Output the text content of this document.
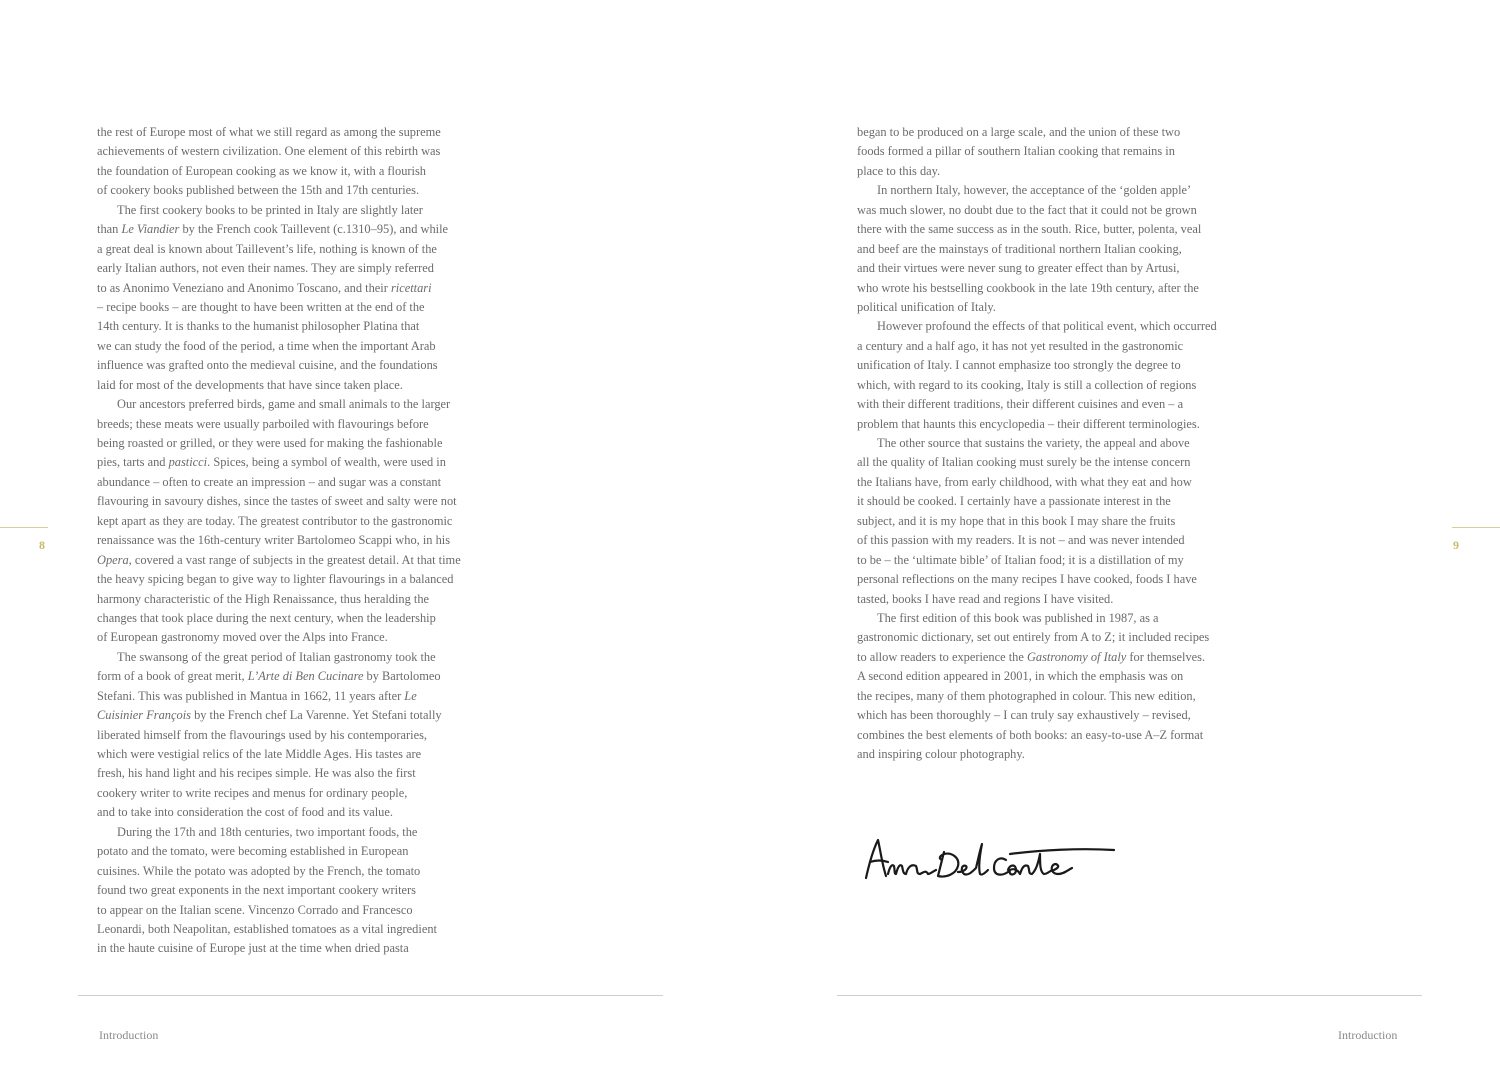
the rest of Europe most of what we still regard as among the supreme
achievements of western civilization. One element of this rebirth was
the foundation of European cooking as we know it, with a flourish
of cookery books published between the 15th and 17th centuries.
The first cookery books to be printed in Italy are slightly later
than Le Viandier by the French cook Taillevent (c.1310–95), and while
a great deal is known about Taillevent’s life, nothing is known of the
early Italian authors, not even their names. They are simply referred
to as Anonimo Veneziano and Anonimo Toscano, and their ricettari
– recipe books – are thought to have been written at the end of the
14th century. It is thanks to the humanist philosopher Platina that
we can study the food of the period, a time when the important Arab
influence was grafted onto the medieval cuisine, and the foundations
laid for most of the developments that have since taken place.
Our ancestors preferred birds, game and small animals to the larger
breeds; these meats were usually parboiled with flavourings before
being roasted or grilled, or they were used for making the fashionable
pies, tarts and pasticci. Spices, being a symbol of wealth, were used in
abundance – often to create an impression – and sugar was a constant
flavouring in savoury dishes, since the tastes of sweet and salty were not
kept apart as they are today. The greatest contributor to the gastronomic
renaissance was the 16th-century writer Bartolomeo Scappi who, in his
Opera, covered a vast range of subjects in the greatest detail. At that time
the heavy spicing began to give way to lighter flavourings in a balanced
harmony characteristic of the High Renaissance, thus heralding the
changes that took place during the next century, when the leadership
of European gastronomy moved over the Alps into France.
The swansong of the great period of Italian gastronomy took the
form of a book of great merit, L’Arte di Ben Cucinare by Bartolomeo
Stefani. This was published in Mantua in 1662, 11 years after Le
Cuisinier François by the French chef La Varenne. Yet Stefani totally
liberated himself from the flavourings used by his contemporaries,
which were vestigial relics of the late Middle Ages. His tastes are
fresh, his hand light and his recipes simple. He was also the first
cookery writer to write recipes and menus for ordinary people,
and to take into consideration the cost of food and its value.
During the 17th and 18th centuries, two important foods, the
potato and the tomato, were becoming established in European
cuisines. While the potato was adopted by the French, the tomato
found two great exponents in the next important cookery writers
to appear on the Italian scene. Vincenzo Corrado and Francesco
Leonardi, both Neapolitan, established tomatoes as a vital ingredient
in the haute cuisine of Europe just at the time when dried pasta
8
Introduction
began to be produced on a large scale, and the union of these two
foods formed a pillar of southern Italian cooking that remains in
place to this day.
In northern Italy, however, the acceptance of the ‘golden apple’
was much slower, no doubt due to the fact that it could not be grown
there with the same success as in the south. Rice, butter, polenta, veal
and beef are the mainstays of traditional northern Italian cooking,
and their virtues were never sung to greater effect than by Artusi,
who wrote his bestselling cookbook in the late 19th century, after the
political unification of Italy.
However profound the effects of that political event, which occurred
a century and a half ago, it has not yet resulted in the gastronomic
unification of Italy. I cannot emphasize too strongly the degree to
which, with regard to its cooking, Italy is still a collection of regions
with their different traditions, their different cuisines and even – a
problem that haunts this encyclopedia – their different terminologies.
The other source that sustains the variety, the appeal and above
all the quality of Italian cooking must surely be the intense concern
the Italians have, from early childhood, with what they eat and how
it should be cooked. I certainly have a passionate interest in the
subject, and it is my hope that in this book I may share the fruits
of this passion with my readers. It is not – and was never intended
to be – the ‘ultimate bible’ of Italian food; it is a distillation of my
personal reflections on the many recipes I have cooked, foods I have
tasted, books I have read and regions I have visited.
The first edition of this book was published in 1987, as a
gastronomic dictionary, set out entirely from A to Z; it included recipes
to allow readers to experience the Gastronomy of Italy for themselves.
A second edition appeared in 2001, in which the emphasis was on
the recipes, many of them photographed in colour. This new edition,
which has been thoroughly – I can truly say exhaustively – revised,
combines the best elements of both books: an easy-to-use A–Z format
and inspiring colour photography.
9
Introduction
